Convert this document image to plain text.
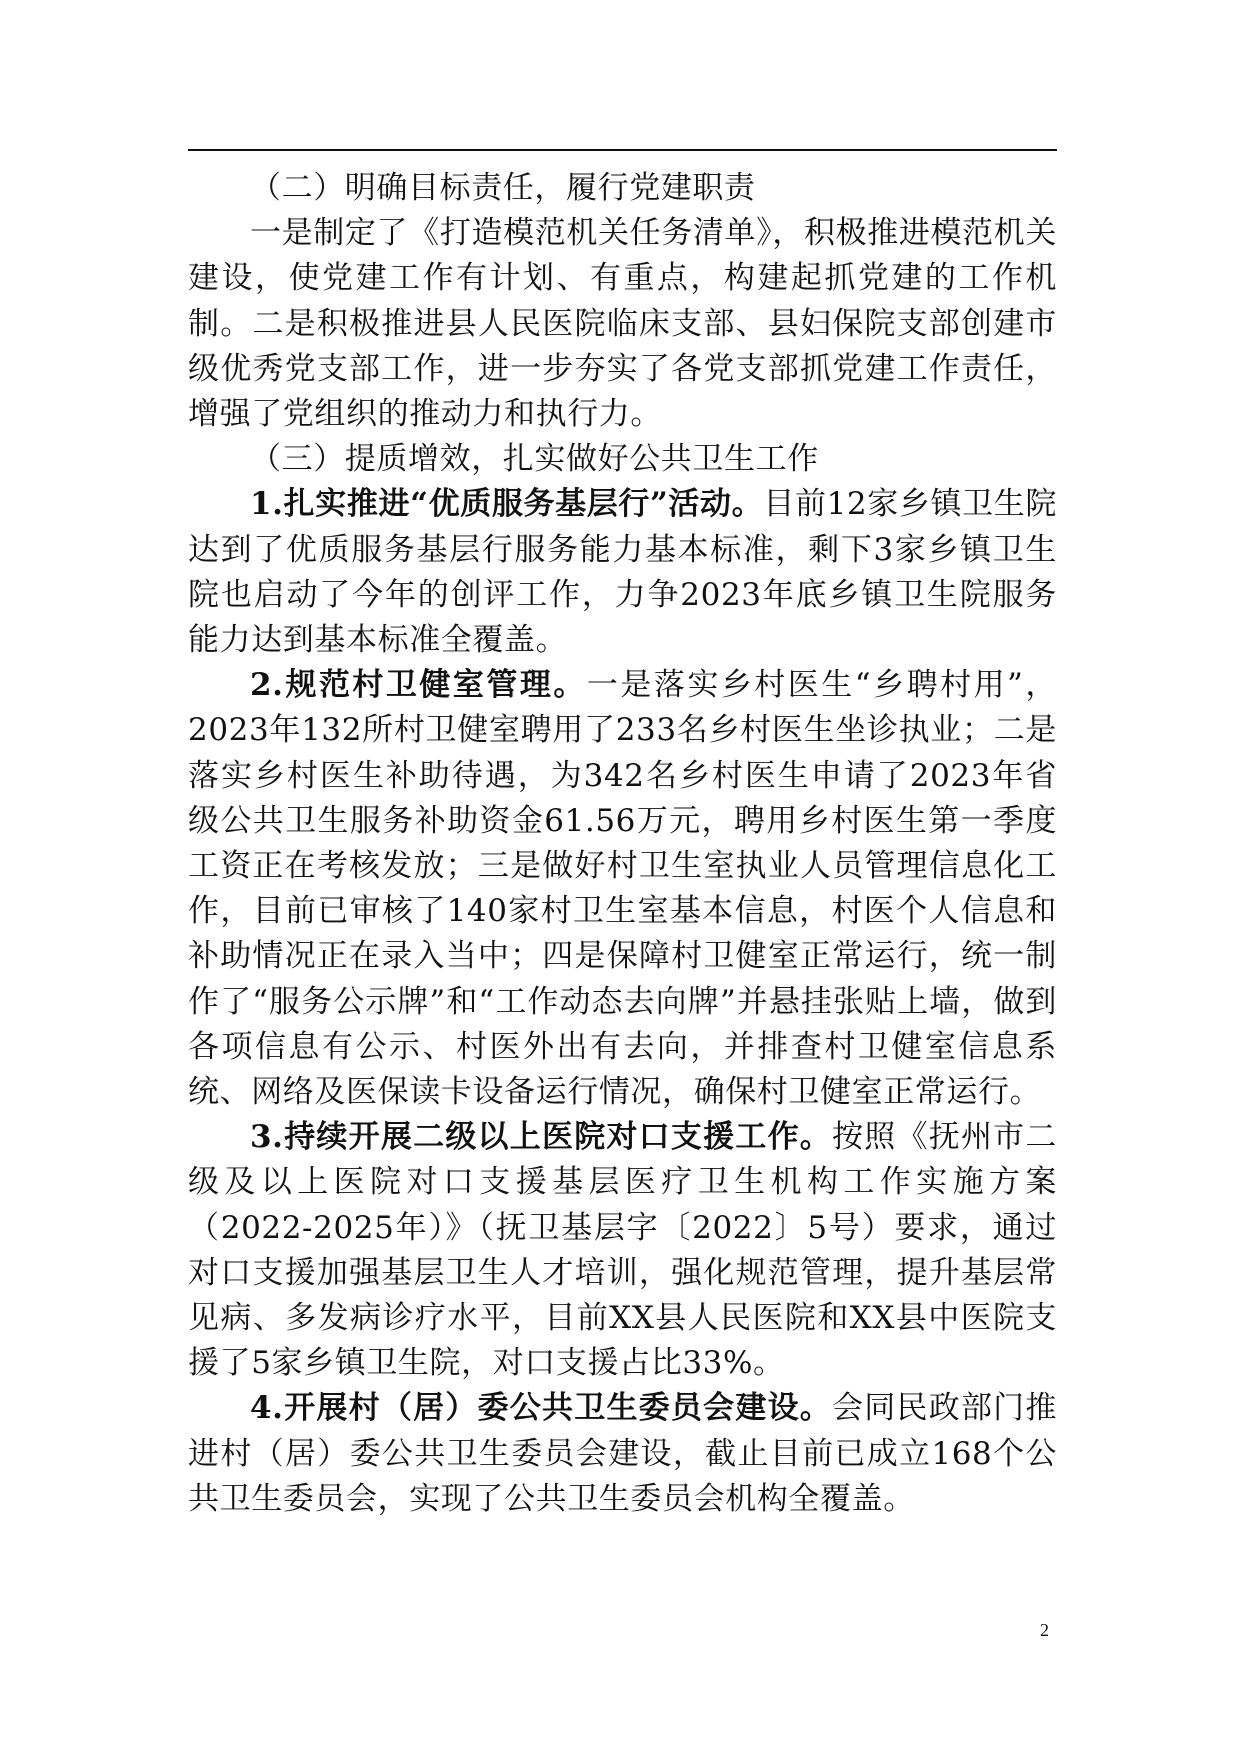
（二）明确目标责任，履行党建职责

一是制定了《打造模范机关任务清单》，积极推进模范机关建设，使党建工作有计划、有重点，构建起抓党建的工作机制。二是积极推进县人民医院临床支部、县妇保院支部创建市级优秀党支部工作，进一步夯实了各党支部抓党建工作责任，增强了党组织的推动力和执行力。

（三）提质增效，扎实做好公共卫生工作

1.扎实推进“优质服务基层行”活动。目前12家乡镇卫生院达到了优质服务基层行服务能力基本标准，剩下3家乡镇卫生院也启动了今年的创评工作，力争2023年底乡镇卫生院服务能力达到基本标准全覆盖。

2.规范村卫健室管理。一是落实乡村医生“乡聘村用”，2023年132所村卫健室聘用了233名乡村医生坐诊执业；二是落实乡村医生补助待遇，为342名乡村医生申请了2023年省级公共卫生服务补助资金61.56万元，聘用乡村医生第一季度工资正在考核发放；三是做好村卫生室执业人员管理信息化工作，目前已审核了140家村卫生室基本信息，村医个人信息和补助情况正在录入当中；四是保障村卫健室正常运行，统一制作了“服务公示牌”和“工作动态去向牌”并悬挂张贴上墙，做到各项信息有公示、村医外出有去向，并排查村卫健室信息系统、网络及医保读卡设备运行情况，确保村卫健室正常运行。

3.持续开展二级以上医院对口支援工作。按照《抚州市二级及以上医院对口支援基层医疗卫生机构工作实施方案（2022-2025年）》（抚卫基层字〔2022〕5号）要求，通过对口支援加强基层卫生人才培训，强化规范管理，提升基层常见病、多发病诊疗水平，目前XX县人民医院和XX县中医院支援了5家乡镇卫生院，对口支援占比33%。

4.开展村（居）委公共卫生委员会建设。会同民政部门推进村（居）委公共卫生委员会建设，截止目前已成立168个公共卫生委员会，实现了公共卫生委员会机构全覆盖。

2
